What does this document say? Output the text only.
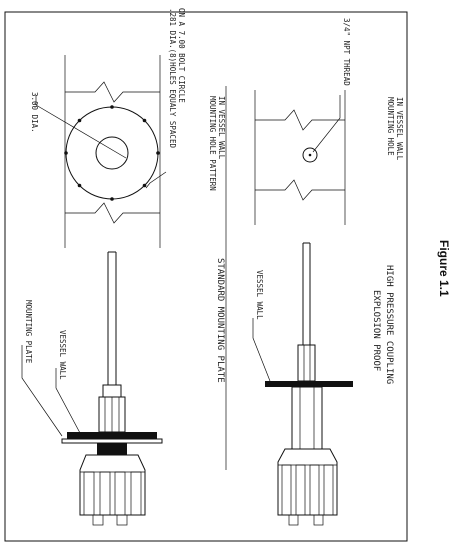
3.00 DIA.	.281 DIA.(8)HOLES EQUALY SPACED ON A 7.00 BOLT CIRCLE
MOUNTING HOLE PATTERN IN VESSEL WALL
MOUNTING PLATE	VESSEL WALL	STANDARD MOUNTING PLATE
3/4" NPT THREAD
MOUNTING HOLE IN VESSEL WALL
VESSEL WALL	EXPLOSION PROOF HIGH PRESSURE COUPLING	Figure 1.1
